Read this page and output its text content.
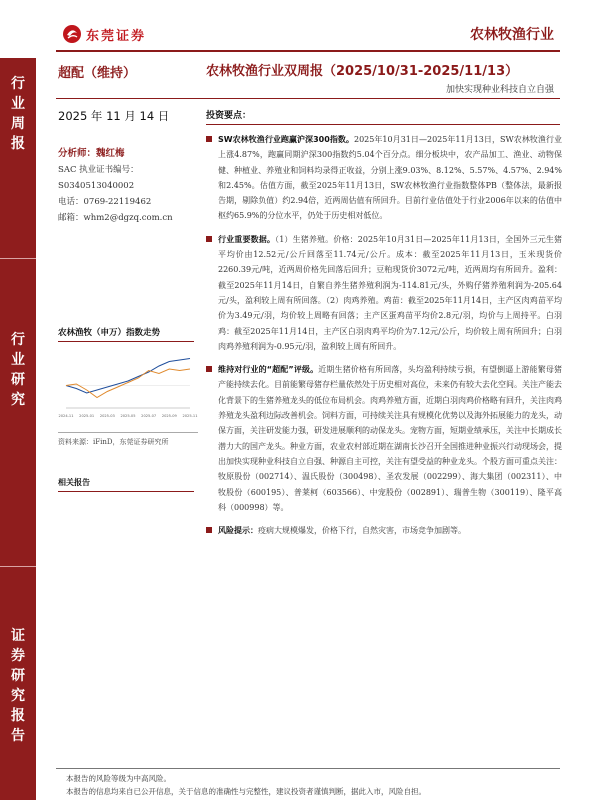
东莞证券	农林牧渔行业
行
业
周
报
行
业
研
究
证
券
研
究
报
告
超配（维持）	农林牧渔行业双周报（2025/10/31-2025/11/13）
加快实现种业科技自立自强
2025 年 11 月 14 日
分析师：魏红梅
SAC 执业证书编号：
S0340513040002
电话：0769-22119462
邮箱：whm2@dgzq.com.cn
农林渔牧（申万）指数走势
2024-11 2025-01 2025-03 2025-05 2025-07 2025-09 2025-11
资料来源：iFinD，东莞证券研究所
相关报告
投资要点：
SW农林牧渔行业跑赢沪深300指数。2025年10月31日—2025年11月13日，SW农林牧渔行业上涨4.87%，跑赢同期沪深300指数约5.04个百分点。细分板块中，农产品加工、渔业、动物保健、种植业、养殖业和饲料均录得正收益，分别上涨9.03%、8.12%、5.57%、4.57%、2.94%和2.45%。估值方面，截至2025年11月13日，SW农林牧渔行业指数整体PB（整体法，最新报告期，剔除负值）约2.94倍，近两周估值有所回升。目前行业估值处于行业2006年以来的估值中枢约65.9%的分位水平，仍处于历史相对低位。
行业重要数据。（1）生猪养殖。价格：2025年10月31日—2025年11月13日，全国外三元生猪平均价由12.52元/公斤回落至11.74元/公斤。成本：截至2025年11月13日，玉米现货价2260.39元/吨，近两周价格先回落后回升；豆粕现货价3072元/吨，近两周均有所回升。盈利：截至2025年11月14日，自繁自养生猪养殖利润为-114.81元/头，外购仔猪养殖利润为-205.64元/头，盈利较上周有所回落。（2）肉鸡养殖。鸡苗：截至2025年11月14日，主产区肉鸡苗平均价为3.49元/羽，均价较上周略有回落；主产区蛋鸡苗平均价2.8元/羽，均价与上周持平。白羽鸡：截至2025年11月14日，主产区白羽肉鸡平均价为7.12元/公斤，均价较上周有所回升；白羽肉鸡养殖利润为-0.95元/羽，盈利较上周有所回升。
维持对行业的“超配”评级。近期生猪价格有所回落，头均盈利持续亏损，有望倒逼上游能繁母猪产能持续去化。目前能繁母猪存栏量依然处于历史相对高位，未来仍有较大去化空间。关注产能去化背景下的生猪养殖龙头的低位布局机会。肉鸡养殖方面，近期白羽肉鸡价格略有回升，关注肉鸡养殖龙头盈利边际改善机会。饲料方面，可持续关注具有规模化优势以及海外拓展能力的龙头，动保方面，关注研发能力强，研发进展顺利的动保龙头。宠物方面，短期业绩承压，关注中长期成长潜力大的国产龙头。种业方面，农业农村部近期在湖南长沙召开全国推进种业振兴行动现场会，提出加快实现种业科技自立自强、种源自主可控，关注有望受益的种业龙头。个股方面可重点关注：牧原股份（002714）、温氏股份（300498）、圣农发展（002299）、海大集团（002311）、中牧股份（600195）、普莱柯（603566）、中宠股份（002891）、瑞普生物（300119）、隆平高科（000998）等。
风险提示：疫病大规模爆发，价格下行，自然灾害，市场竞争加剧等。
本报告的风险等级为中高风险。
本报告的信息均来自已公开信息，关于信息的准确性与完整性，建议投资者谨慎判断，据此入市，风险自担。
